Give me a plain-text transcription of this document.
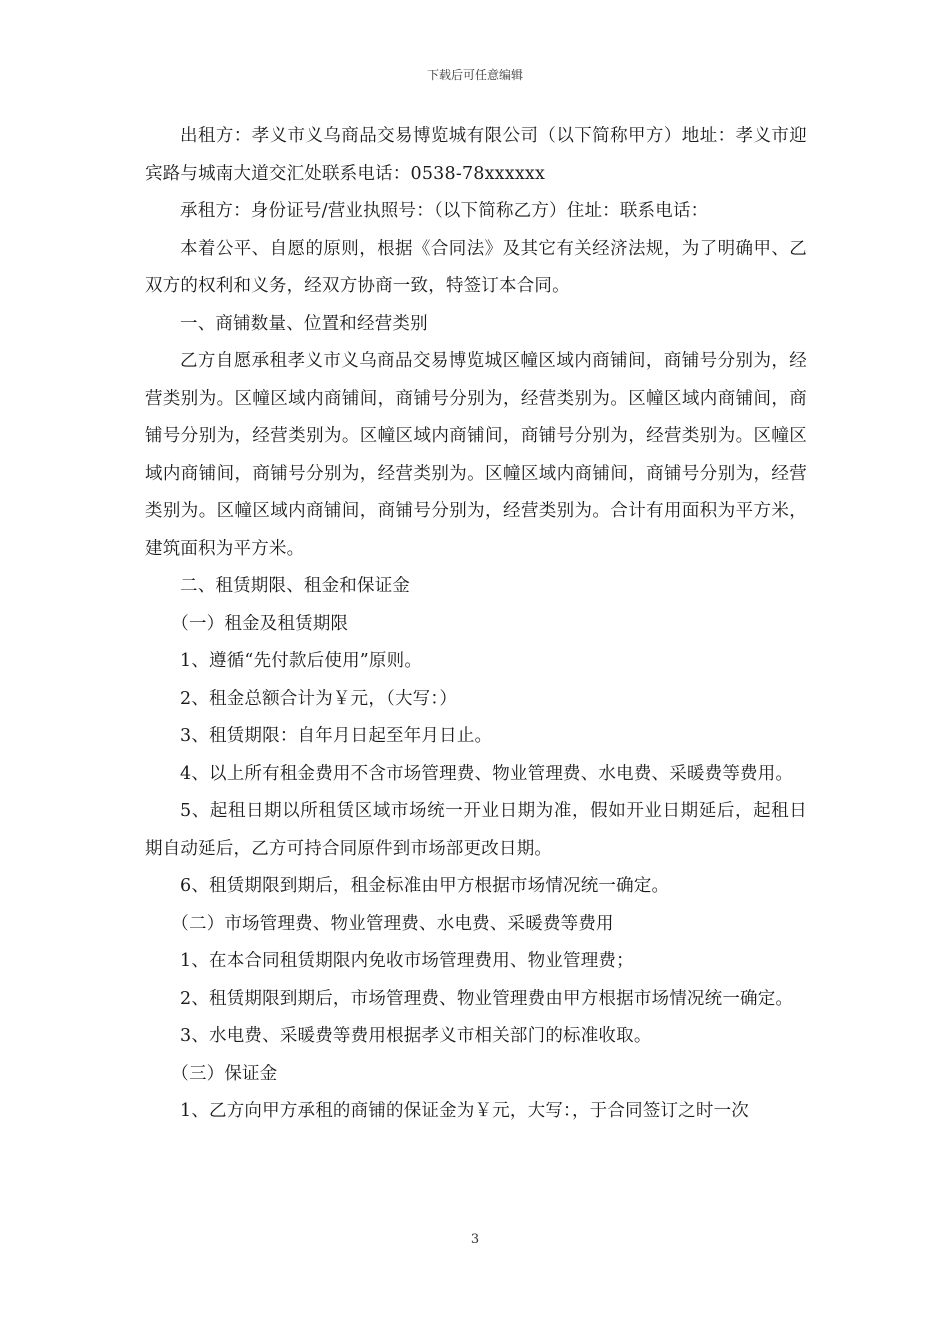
下载后可任意编辑

出租方：孝义市义乌商品交易博览城有限公司（以下简称甲方）地址：孝义市迎宾路与城南大道交汇处联系电话：0538-78xxxxxx

承租方：身份证号/营业执照号：（以下简称乙方）住址：联系电话：

本着公平、自愿的原则，根据《合同法》及其它有关经济法规，为了明确甲、乙双方的权利和义务，经双方协商一致，特签订本合同。

一、商铺数量、位置和经营类别

乙方自愿承租孝义市义乌商品交易博览城区幢区域内商铺间，商铺号分别为，经营类别为。区幢区域内商铺间，商铺号分别为，经营类别为。区幢区域内商铺间，商铺号分别为，经营类别为。区幢区域内商铺间，商铺号分别为，经营类别为。区幢区域内商铺间，商铺号分别为，经营类别为。区幢区域内商铺间，商铺号分别为，经营类别为。区幢区域内商铺间，商铺号分别为，经营类别为。合计有用面积为平方米，建筑面积为平方米。

二、租赁期限、租金和保证金

（一）租金及租赁期限

1、遵循“先付款后使用”原则。

2、租金总额合计为￥元，（大写：）

3、租赁期限：自年月日起至年月日止。

4、以上所有租金费用不含市场管理费、物业管理费、水电费、采暖费等费用。

5、起租日期以所租赁区域市场统一开业日期为准，假如开业日期延后，起租日期自动延后，乙方可持合同原件到市场部更改日期。

6、租赁期限到期后，租金标准由甲方根据市场情况统一确定。

（二）市场管理费、物业管理费、水电费、采暖费等费用

1、在本合同租赁期限内免收市场管理费用、物业管理费；

2、租赁期限到期后，市场管理费、物业管理费由甲方根据市场情况统一确定。

3、水电费、采暖费等费用根据孝义市相关部门的标准收取。

（三）保证金

1、乙方向甲方承租的商铺的保证金为￥元，大写：，于合同签订之时一次

3
